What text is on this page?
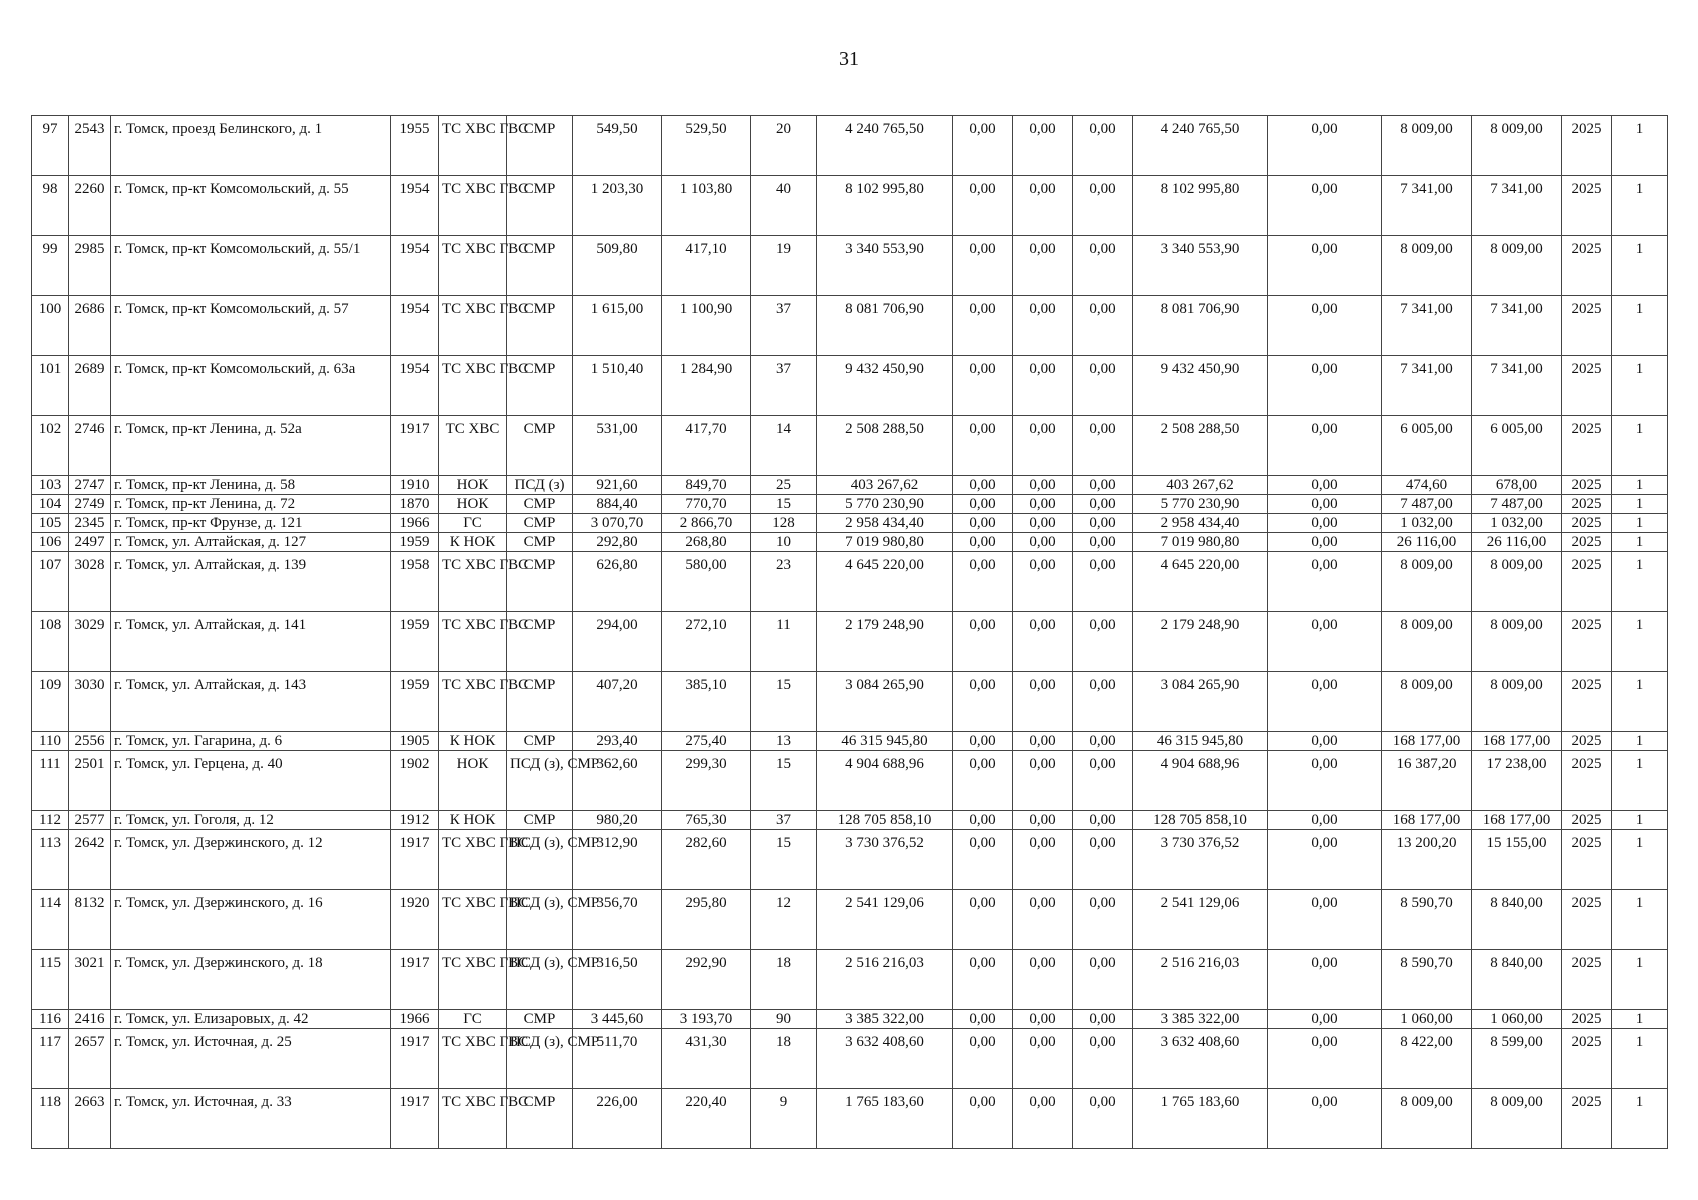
31
97	2543	г. Томск, проезд Белинского, д. 1	1955	ТС ХВС ГВС	СМР	549,50	529,50	20	4 240 765,50	0,00	0,00	0,00	4 240 765,50	0,00	8 009,00	8 009,00	2025	1
98	2260	г. Томск, пр-кт Комсомольский, д. 55	1954	ТС ХВС ГВС	СМР	1 203,30	1 103,80	40	8 102 995,80	0,00	0,00	0,00	8 102 995,80	0,00	7 341,00	7 341,00	2025	1
99	2985	г. Томск, пр-кт Комсомольский, д. 55/1	1954	ТС ХВС ГВС	СМР	509,80	417,10	19	3 340 553,90	0,00	0,00	0,00	3 340 553,90	0,00	8 009,00	8 009,00	2025	1
100	2686	г. Томск, пр-кт Комсомольский, д. 57	1954	ТС ХВС ГВС	СМР	1 615,00	1 100,90	37	8 081 706,90	0,00	0,00	0,00	8 081 706,90	0,00	7 341,00	7 341,00	2025	1
101	2689	г. Томск, пр-кт Комсомольский, д. 63а	1954	ТС ХВС ГВС	СМР	1 510,40	1 284,90	37	9 432 450,90	0,00	0,00	0,00	9 432 450,90	0,00	7 341,00	7 341,00	2025	1
102	2746	г. Томск, пр-кт Ленина, д. 52а	1917	ТС ХВС	СМР	531,00	417,70	14	2 508 288,50	0,00	0,00	0,00	2 508 288,50	0,00	6 005,00	6 005,00	2025	1
103	2747	г. Томск, пр-кт Ленина, д. 58	1910	НОК	ПСД (з)	921,60	849,70	25	403 267,62	0,00	0,00	0,00	403 267,62	0,00	474,60	678,00	2025	1
104	2749	г. Томск, пр-кт Ленина, д. 72	1870	НОК	СМР	884,40	770,70	15	5 770 230,90	0,00	0,00	0,00	5 770 230,90	0,00	7 487,00	7 487,00	2025	1
105	2345	г. Томск, пр-кт Фрунзе, д. 121	1966	ГС	СМР	3 070,70	2 866,70	128	2 958 434,40	0,00	0,00	0,00	2 958 434,40	0,00	1 032,00	1 032,00	2025	1
106	2497	г. Томск, ул. Алтайская, д. 127	1959	К НОК	СМР	292,80	268,80	10	7 019 980,80	0,00	0,00	0,00	7 019 980,80	0,00	26 116,00	26 116,00	2025	1
107	3028	г. Томск, ул. Алтайская, д. 139	1958	ТС ХВС ГВС	СМР	626,80	580,00	23	4 645 220,00	0,00	0,00	0,00	4 645 220,00	0,00	8 009,00	8 009,00	2025	1
108	3029	г. Томск, ул. Алтайская, д. 141	1959	ТС ХВС ГВС	СМР	294,00	272,10	11	2 179 248,90	0,00	0,00	0,00	2 179 248,90	0,00	8 009,00	8 009,00	2025	1
109	3030	г. Томск, ул. Алтайская, д. 143	1959	ТС ХВС ГВС	СМР	407,20	385,10	15	3 084 265,90	0,00	0,00	0,00	3 084 265,90	0,00	8 009,00	8 009,00	2025	1
110	2556	г. Томск, ул. Гагарина, д. 6	1905	К НОК	СМР	293,40	275,40	13	46 315 945,80	0,00	0,00	0,00	46 315 945,80	0,00	168 177,00	168 177,00	2025	1
111	2501	г. Томск, ул. Герцена, д. 40	1902	НОК	ПСД (з), СМР	362,60	299,30	15	4 904 688,96	0,00	0,00	0,00	4 904 688,96	0,00	16 387,20	17 238,00	2025	1
112	2577	г. Томск, ул. Гоголя, д. 12	1912	К НОК	СМР	980,20	765,30	37	128 705 858,10	0,00	0,00	0,00	128 705 858,10	0,00	168 177,00	168 177,00	2025	1
113	2642	г. Томск, ул. Дзержинского, д. 12	1917	ТС ХВС ГВС	ПСД (з), СМР	312,90	282,60	15	3 730 376,52	0,00	0,00	0,00	3 730 376,52	0,00	13 200,20	15 155,00	2025	1
114	8132	г. Томск, ул. Дзержинского, д. 16	1920	ТС ХВС ГВС	ПСД (з), СМР	356,70	295,80	12	2 541 129,06	0,00	0,00	0,00	2 541 129,06	0,00	8 590,70	8 840,00	2025	1
115	3021	г. Томск, ул. Дзержинского, д. 18	1917	ТС ХВС ГВС	ПСД (з), СМР	316,50	292,90	18	2 516 216,03	0,00	0,00	0,00	2 516 216,03	0,00	8 590,70	8 840,00	2025	1
116	2416	г. Томск, ул. Елизаровых, д. 42	1966	ГС	СМР	3 445,60	3 193,70	90	3 385 322,00	0,00	0,00	0,00	3 385 322,00	0,00	1 060,00	1 060,00	2025	1
117	2657	г. Томск, ул. Источная, д. 25	1917	ТС ХВС ГВС	ПСД (з), СМР	511,70	431,30	18	3 632 408,60	0,00	0,00	0,00	3 632 408,60	0,00	8 422,00	8 599,00	2025	1
118	2663	г. Томск, ул. Источная, д. 33	1917	ТС ХВС ГВС	СМР	226,00	220,40	9	1 765 183,60	0,00	0,00	0,00	1 765 183,60	0,00	8 009,00	8 009,00	2025	1
